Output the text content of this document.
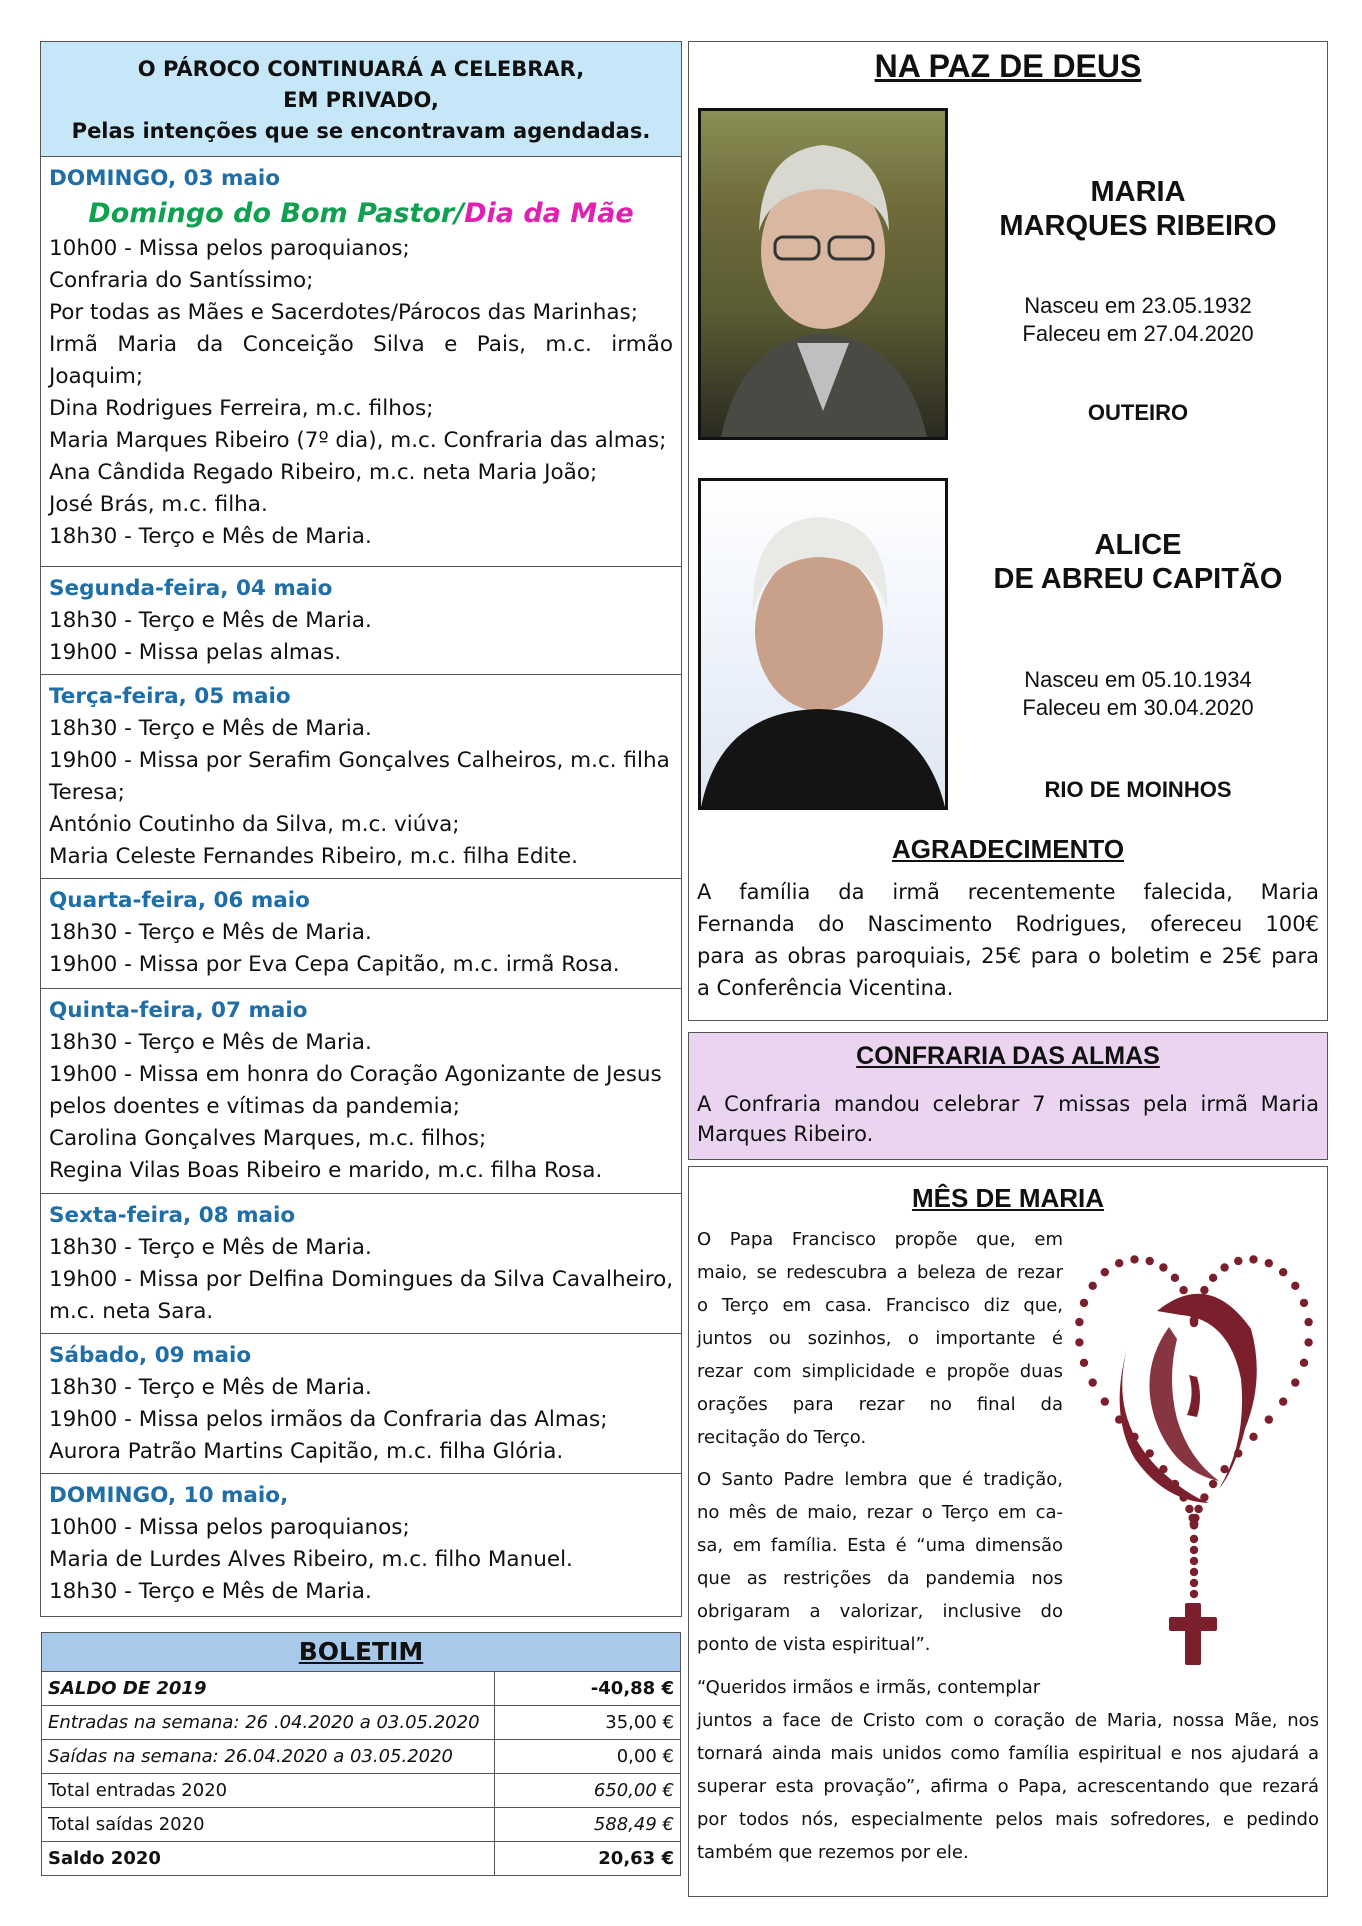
O PÁROCO CONTINUARÁ A CELEBRAR,
EM PRIVADO,
Pelas intenções que se encontravam agendadas.
DOMINGO, 03 maio
Domingo do Bom Pastor/Dia da Mãe
10h00 - Missa pelos paroquianos;
Confraria do Santíssimo;
Por todas as Mães e Sacerdotes/Párocos das Marinhas;
Irmã Maria da Conceição Silva e Pais, m.c. irmão
Joaquim;
Dina Rodrigues Ferreira, m.c. filhos;
Maria Marques Ribeiro (7º dia), m.c. Confraria das almas;
Ana Cândida Regado Ribeiro, m.c. neta Maria João;
José Brás, m.c. filha.
18h30 - Terço e Mês de Maria.
Segunda-feira, 04 maio
18h30 - Terço e Mês de Maria.
19h00 - Missa pelas almas.
Terça-feira, 05 maio
18h30 - Terço e Mês de Maria.
19h00 - Missa por Serafim Gonçalves Calheiros, m.c. filha
Teresa;
António Coutinho da Silva, m.c. viúva;
Maria Celeste Fernandes Ribeiro, m.c. filha Edite.
Quarta-feira, 06 maio
18h30 - Terço e Mês de Maria.
19h00 - Missa por Eva Cepa Capitão, m.c. irmã Rosa.
Quinta-feira, 07 maio
18h30 - Terço e Mês de Maria.
19h00 - Missa em honra do Coração Agonizante de Jesus
pelos doentes e vítimas da pandemia;
Carolina Gonçalves Marques, m.c. filhos;
Regina Vilas Boas Ribeiro e marido, m.c. filha Rosa.
Sexta-feira, 08 maio
18h30 - Terço e Mês de Maria.
19h00 - Missa por Delfina Domingues da Silva Cavalheiro,
m.c. neta Sara.
Sábado, 09 maio
18h30 - Terço e Mês de Maria.
19h00 - Missa pelos irmãos da Confraria das Almas;
Aurora Patrão Martins Capitão, m.c. filha Glória.
DOMINGO, 10 maio,
10h00 - Missa pelos paroquianos;
Maria de Lurdes Alves Ribeiro, m.c. filho Manuel.
18h30 - Terço e Mês de Maria.
BOLETIM
SALDO DE 2019	-40,88 €
Entradas na semana: 26 .04.2020 a 03.05.2020	35,00 €
Saídas na semana: 26.04.2020 a 03.05.2020	0,00 €
Total entradas 2020	650,00 €
Total saídas 2020	588,49 €
Saldo 2020	20,63 €
NA PAZ DE DEUS
MARIA
MARQUES RIBEIRO
Nasceu em 23.05.1932
Faleceu em 27.04.2020
OUTEIRO
ALICE
DE ABREU CAPITÃO
Nasceu em 05.10.1934
Faleceu em 30.04.2020
RIO DE MOINHOS
AGRADECIMENTO
A família da irmã recentemente falecida, Maria
Fernanda do Nascimento Rodrigues, ofereceu 100€
para as obras paroquiais, 25€ para o boletim e 25€ para
a Conferência Vicentina.
CONFRARIA DAS ALMAS
A Confraria mandou celebrar 7 missas pela irmã Maria
Marques Ribeiro.
MÊS DE MARIA
O Papa Francisco propõe que, em
maio, se redescubra a beleza de rezar
o Terço em casa. Francisco diz que,
juntos ou sozinhos, o importante é
rezar com simplicidade e propõe duas
orações para rezar no final da
recitação do Terço.
O Santo Padre lembra que é tradição,
no mês de maio, rezar o Terço em ca-
sa, em família. Esta é “uma dimensão
que as restrições da pandemia nos
obrigaram a valorizar, inclusive do
ponto de vista espiritual”.
“Queridos irmãos e irmãs, contemplar
juntos a face de Cristo com o coração de Maria, nossa Mãe, nos
tornará ainda mais unidos como família espiritual e nos ajudará a
superar esta provação”, afirma o Papa, acrescentando que rezará
por todos nós, especialmente pelos mais sofredores, e pedindo
também que rezemos por ele.
